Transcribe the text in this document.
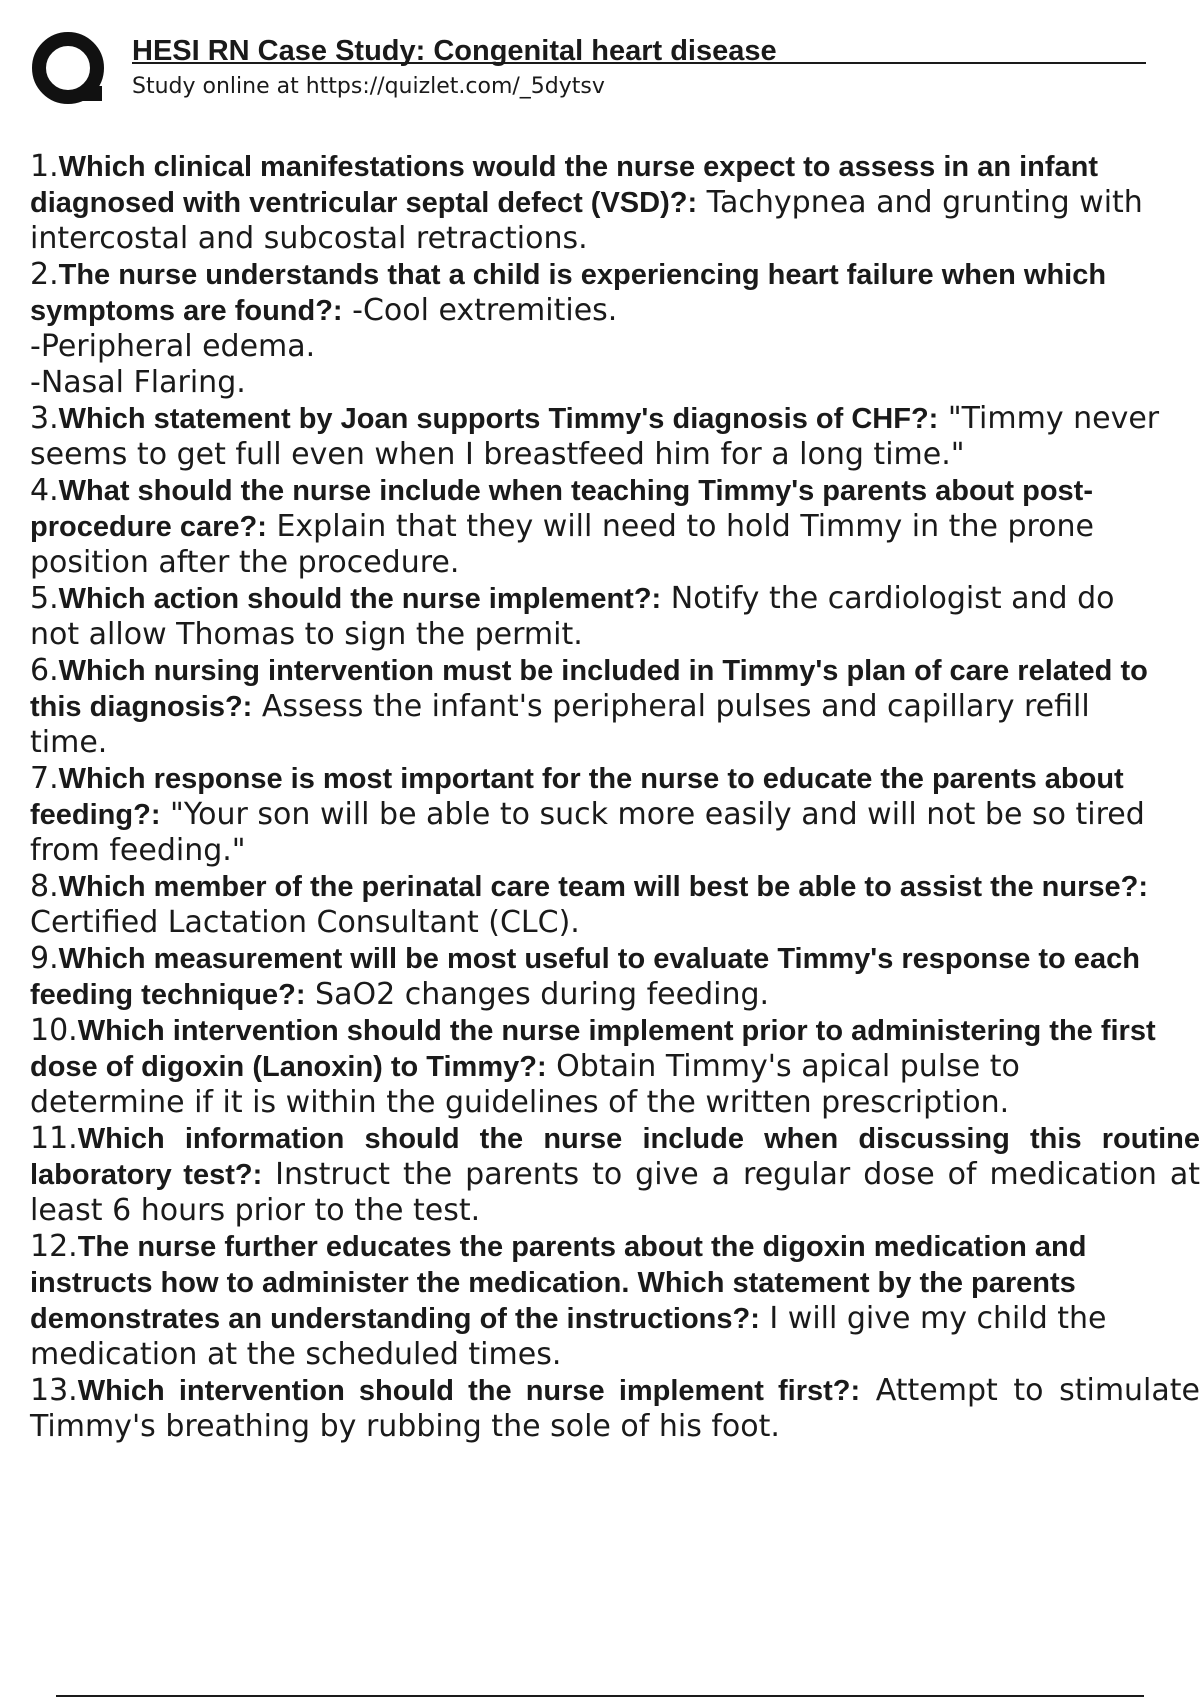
HESI RN Case Study: Congenital heart disease
Study online at https://quizlet.com/_5dytsv

1.Which clinical manifestations would the nurse expect to assess in an infant diagnosed with ventricular septal defect (VSD)?: Tachypnea and grunting with intercostal and subcostal retractions.

2.The nurse understands that a child is experiencing heart failure when which symptoms are found?: -Cool extremities.
-Peripheral edema.
-Nasal Flaring.

3.Which statement by Joan supports Timmy's diagnosis of CHF?: "Timmy never seems to get full even when I breastfeed him for a long time."

4.What should the nurse include when teaching Timmy's parents about post-procedure care?: Explain that they will need to hold Timmy in the prone position after the procedure.

5.Which action should the nurse implement?: Notify the cardiologist and do not allow Thomas to sign the permit.

6.Which nursing intervention must be included in Timmy's plan of care related to this diagnosis?: Assess the infant's peripheral pulses and capillary refill time.

7.Which response is most important for the nurse to educate the parents about feeding?: "Your son will be able to suck more easily and will not be so tired from feeding."

8.Which member of the perinatal care team will best be able to assist the nurse?: Certified Lactation Consultant (CLC).

9.Which measurement will be most useful to evaluate Timmy's response to each feeding technique?: SaO2 changes during feeding.

10.Which intervention should the nurse implement prior to administering the first dose of digoxin (Lanoxin) to Timmy?: Obtain Timmy's apical pulse to determine if it is within the guidelines of the written prescription.

11.Which information should the nurse include when discussing this routine laboratory test?: Instruct the parents to give a regular dose of medication at least 6 hours prior to the test.

12.The nurse further educates the parents about the digoxin medication and instructs how to administer the medication. Which statement by the parents demonstrates an understanding of the instructions?: I will give my child the medication at the scheduled times.

13.Which intervention should the nurse implement first?: Attempt to stimulate Timmy's breathing by rubbing the sole of his foot.
